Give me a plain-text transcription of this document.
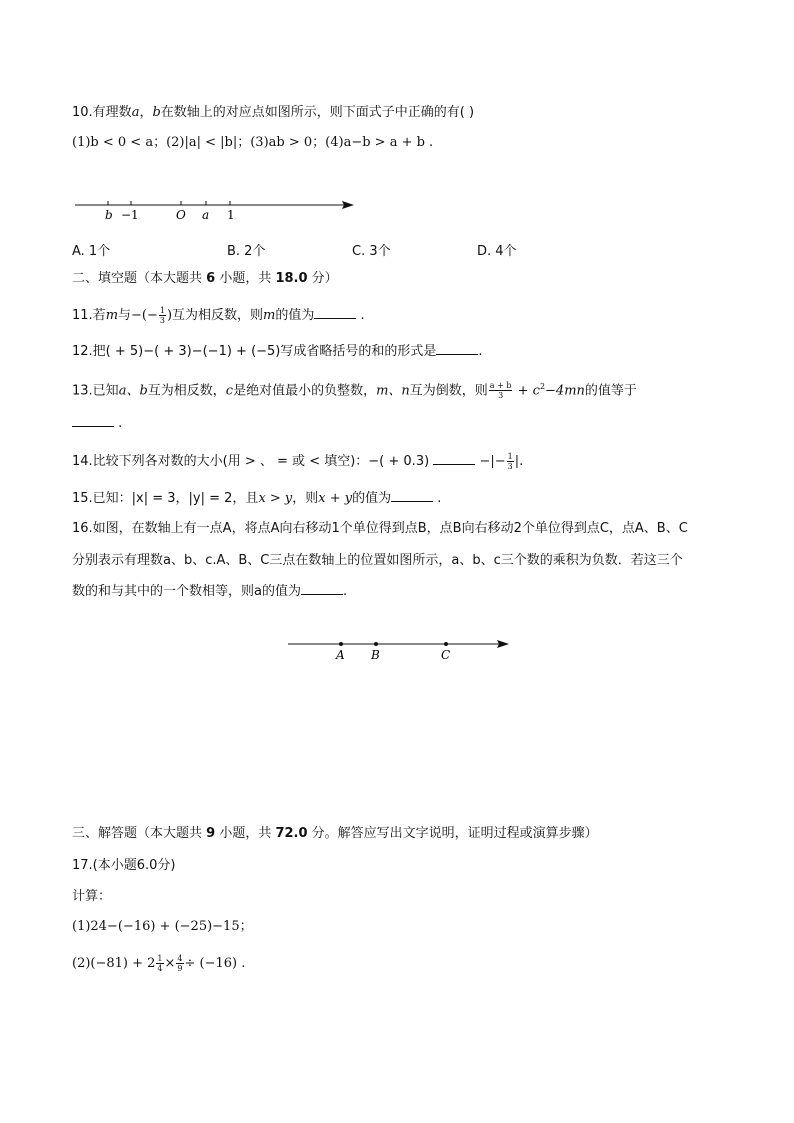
10.有理数a，b在数轴上的对应点如图所示，则下面式子中正确的有( )
(1)b < 0 < a；(2)|a| < |b|；(3)ab > 0；(4)a−b > a + b .
b −1	O a 1
A. 1个	B. 2个	C. 3个	D. 4个
二、填空题（本大题共 6 小题，共 18.0 分）
11.若m与−(− $\frac{1}{3}$ )互为相反数，则m的值为	.
12.把( + 5)−( + 3)−(−1) + (−5)写成省略括号的和的形式是	.
13.已知a、b互为相反数，c是绝对值最小的负整数，m、n互为倒数，则 $\frac{a + b}{3} + c^2-4mn$的值等于
.
14.比较下列各对数的大小(用 > 、 = 或 < 填空)：−( + 0.3)	−|− $\frac{1}{3}$ |.
15.已知：|x| = 3，|y| = 2，且x > y，则x + y的值为	.
16.如图，在数轴上有一点A，将点A向右移动1个单位得到点B，点B向右移动2个单位得到点C，点A、B、C
分别表示有理数a、b、c.A、B、C三点在数轴上的位置如图所示，a、b、c三个数的乘积为负数．若这三个
数的和与其中的一个数相等，则a的值为	.
A B	C
三、解答题（本大题共 9 小题，共 72.0 分。解答应写出文字说明，证明过程或演算步骤）
17.(本小题6.0分)
计算：
(1)24−(−16) + (−25)−15；
$(2)(-81) + 2 \frac{1}{4} \times \frac{4}{9} \div (-16)$ .
